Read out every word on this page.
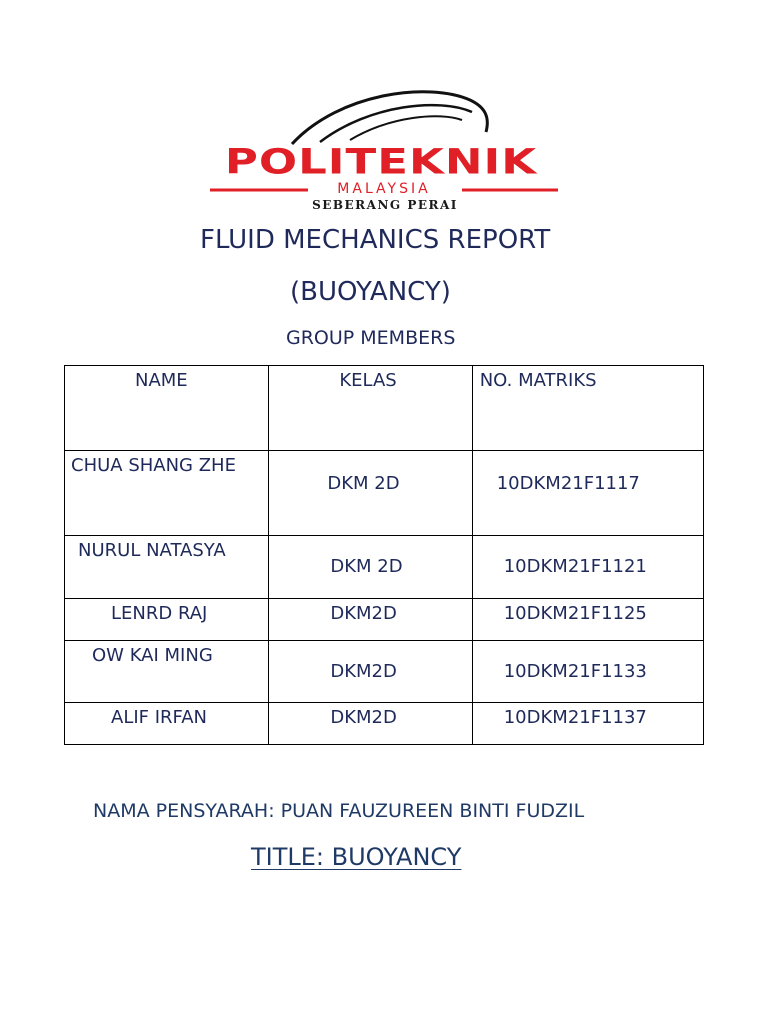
POLITEKNIK
MALAYSIA
SEBERANG PERAI
FLUID MECHANICS REPORT
(BUOYANCY)
GROUP MEMBERS
NAME	KELAS	NO. MATRIKS

CHUA SHANG ZHE	DKM 2D	10DKM21F1117

NURUL NATASYA	DKM 2D	10DKM21F1121

LENRD RAJ	DKM2D	10DKM21F1125

OW KAI MING	DKM2D	10DKM21F1133

ALIF IRFAN	DKM2D	10DKM21F1137
NAMA PENSYARAH: PUAN FAUZUREEN BINTI FUDZIL
TITLE: BUOYANCY
